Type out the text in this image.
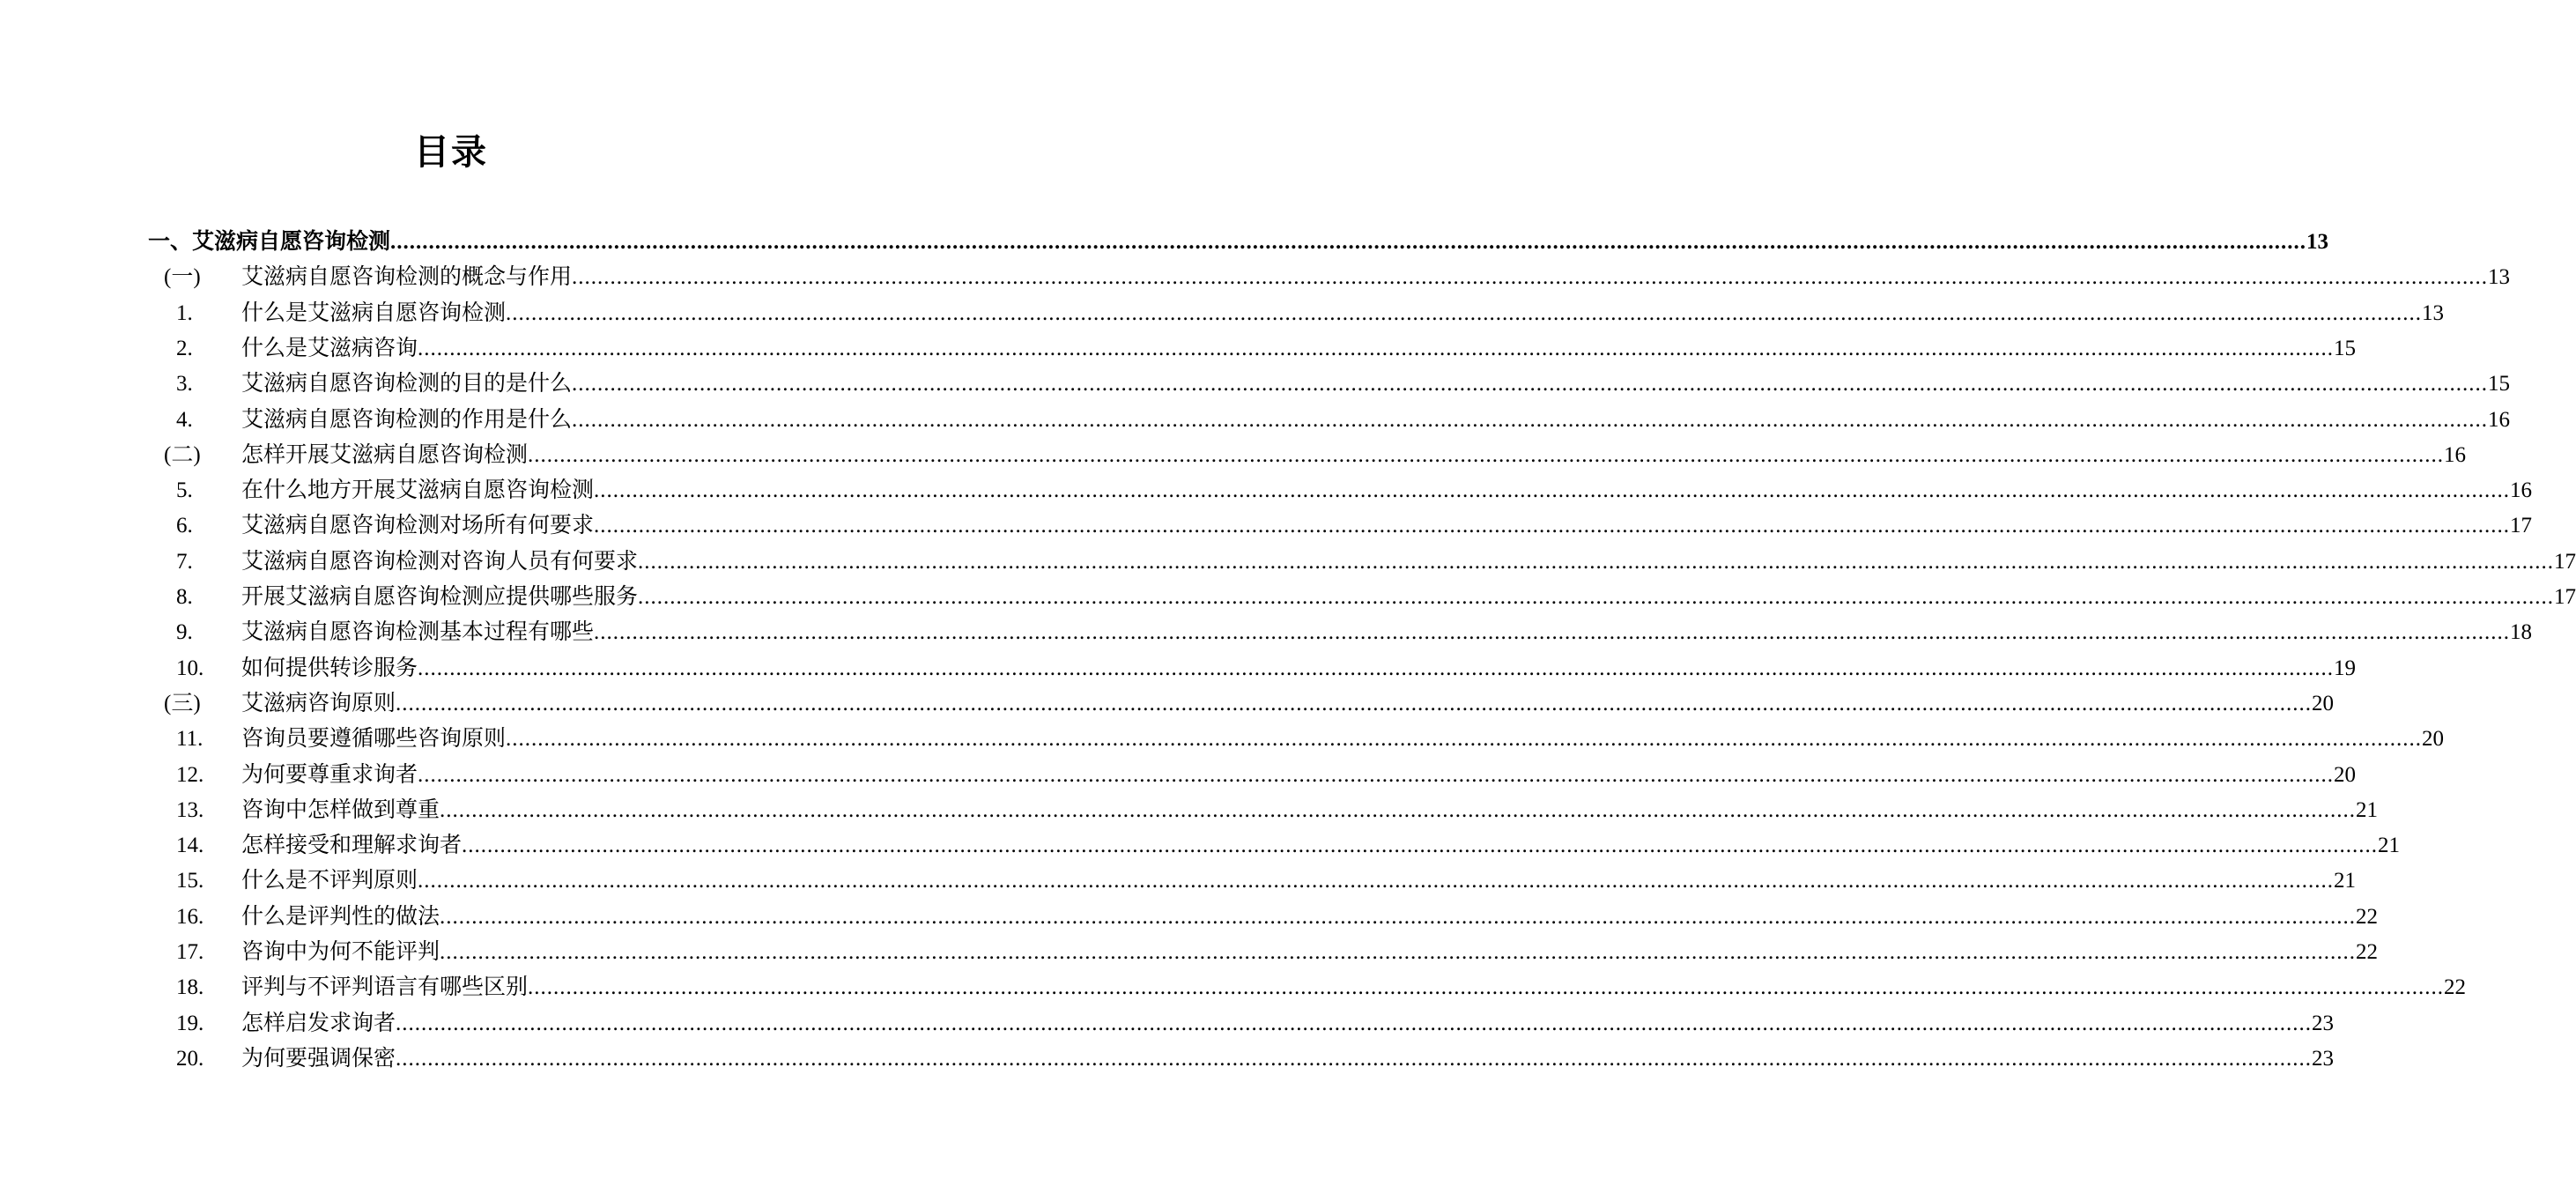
目录
一、艾滋病自愿咨询检测 ............................................................................................................................................................................................................................................................................................................ 13
(一) 艾滋病自愿咨询检测的概念与作用 ............................................................................................................................................................................................................................................................................................................ 13
1. 什么是艾滋病自愿咨询检测 ............................................................................................................................................................................................................................................................................................................ 13
2. 什么是艾滋病咨询 ............................................................................................................................................................................................................................................................................................................ 15
3. 艾滋病自愿咨询检测的目的是什么 ............................................................................................................................................................................................................................................................................................................ 15
4. 艾滋病自愿咨询检测的作用是什么 ............................................................................................................................................................................................................................................................................................................ 16
(二) 怎样开展艾滋病自愿咨询检测 ............................................................................................................................................................................................................................................................................................................ 16
5. 在什么地方开展艾滋病自愿咨询检测 ............................................................................................................................................................................................................................................................................................................ 16
6. 艾滋病自愿咨询检测对场所有何要求 ............................................................................................................................................................................................................................................................................................................ 17
7. 艾滋病自愿咨询检测对咨询人员有何要求 ............................................................................................................................................................................................................................................................................................................ 17
8. 开展艾滋病自愿咨询检测应提供哪些服务 ............................................................................................................................................................................................................................................................................................................ 17
9. 艾滋病自愿咨询检测基本过程有哪些 ............................................................................................................................................................................................................................................................................................................ 18
10. 如何提供转诊服务 ............................................................................................................................................................................................................................................................................................................ 19
(三) 艾滋病咨询原则 ............................................................................................................................................................................................................................................................................................................ 20
11. 咨询员要遵循哪些咨询原则 ............................................................................................................................................................................................................................................................................................................ 20
12. 为何要尊重求询者 ............................................................................................................................................................................................................................................................................................................ 20
13. 咨询中怎样做到尊重 ............................................................................................................................................................................................................................................................................................................ 21
14. 怎样接受和理解求询者 ............................................................................................................................................................................................................................................................................................................ 21
15. 什么是不评判原则 ............................................................................................................................................................................................................................................................................................................ 21
16. 什么是评判性的做法 ............................................................................................................................................................................................................................................................................................................ 22
17. 咨询中为何不能评判 ............................................................................................................................................................................................................................................................................................................ 22
18. 评判与不评判语言有哪些区别 ............................................................................................................................................................................................................................................................................................................ 22
19. 怎样启发求询者 ............................................................................................................................................................................................................................................................................................................ 23
20. 为何要强调保密 ............................................................................................................................................................................................................................................................................................................ 23
